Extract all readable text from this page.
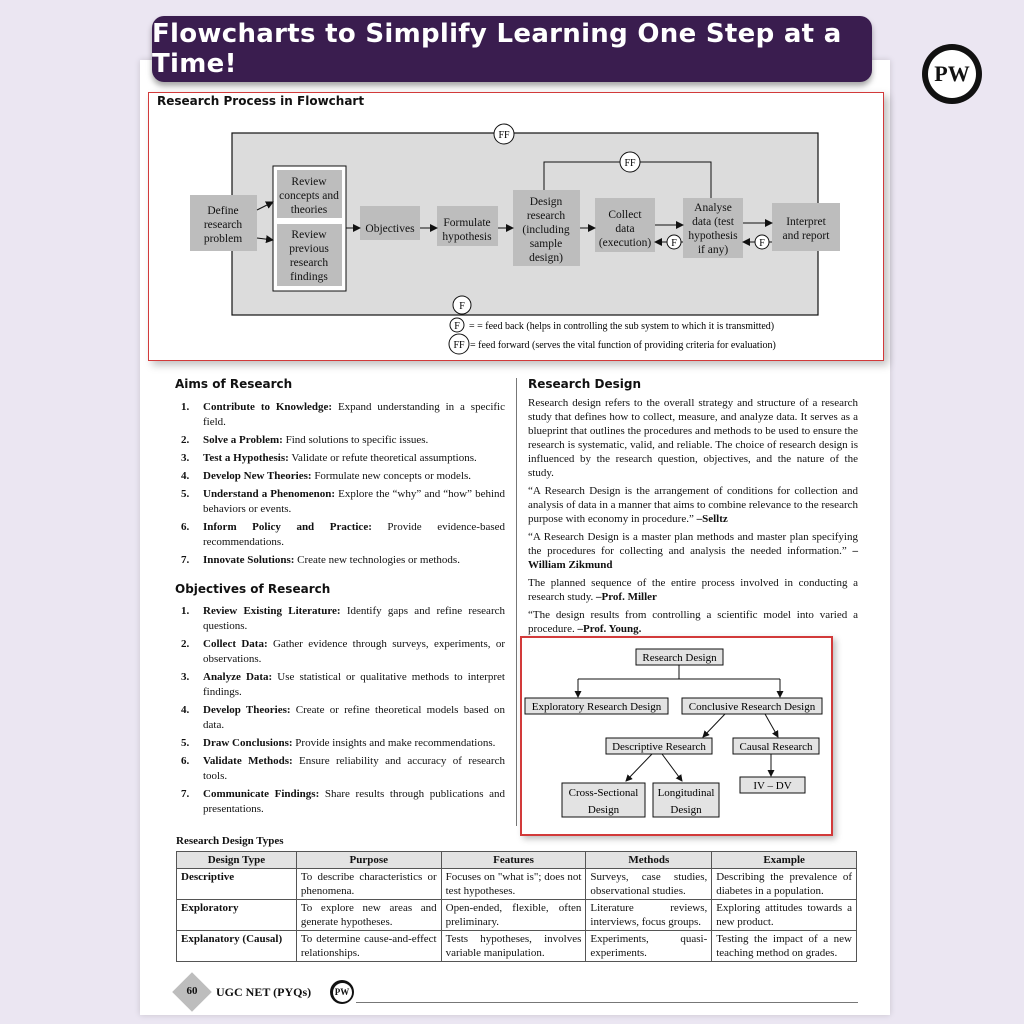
Flowcharts to Simplify Learning One Step at a Time!	PW
Research Process in Flowchart
FF
FF
F	F
F
Define research problem
Review concepts and theories
Review previous research findings
Objectives	Formulate hypothesis
Design research (including sample design)
Collect data (execution)
Analyse data (test hypothesis if any)
Interpret and report
F = = feed back (helps in controlling the sub system to which it is transmitted)
FF = feed forward (serves the vital function of providing criteria for evaluation)
Aims of Research
1. Contribute to Knowledge: Expand understanding in a specific field.
2. Solve a Problem: Find solutions to specific issues.
3. Test a Hypothesis: Validate or refute theoretical assumptions.
4. Develop New Theories: Formulate new concepts or models.
5. Understand a Phenomenon: Explore the “why” and “how” behind behaviors or events.
6. Inform Policy and Practice: Provide evidence-based recommendations.
7. Innovate Solutions: Create new technologies or methods.
Objectives of Research
1. Review Existing Literature: Identify gaps and refine research questions.
2. Collect Data: Gather evidence through surveys, experiments, or observations.
3. Analyze Data: Use statistical or qualitative methods to interpret findings.
4. Develop Theories: Create or refine theoretical models based on data.
5. Draw Conclusions: Provide insights and make recommendations.
6. Validate Methods: Ensure reliability and accuracy of research tools.
7. Communicate Findings: Share results through publications and presentations.
Research Design

Research design refers to the overall strategy and structure of a research study that defines how to collect, measure, and analyze data. It serves as a blueprint that outlines the procedures and methods to be used to ensure the research is systematic, valid, and reliable. The choice of research design is influenced by the research question, objectives, and the nature of the study.

“A Research Design is the arrangement of conditions for collection and analysis of data in a manner that aims to combine relevance to the research purpose with economy in procedure.” –Selltz

“A Research Design is a master plan methods and master plan specifying the procedures for collecting and analysis the needed information.” –William Zikmund

The planned sequence of the entire process involved in conducting a research study. –Prof. Miller

“The design results from controlling a scientific model into varied a procedure. –Prof. Young.

Research Design
Exploratory Research Design	Conclusive Research Design
Descriptive Research	Causal Research
Cross-Sectional Design
Longitudinal Design
IV – DV
Research Design Types
Design Type	Purpose	Features	Methods	Example
Descriptive	To describe characteristics or phenomena.	Focuses on "what is"; does not test hypotheses.	Surveys, case studies, observational studies.	Describing the prevalence of diabetes in a population.
Exploratory	To explore new areas and generate hypotheses.	Open-ended, flexible, often preliminary.	Literature reviews, interviews, focus groups.	Exploring attitudes towards a new product.
Explanatory (Causal)	To determine cause-and-effect relationships.	Tests hypotheses, involves variable manipulation.	Experiments, quasi-experiments.	Testing the impact of a new teaching method on grades.
60	UGC NET (PYQs)	PW
